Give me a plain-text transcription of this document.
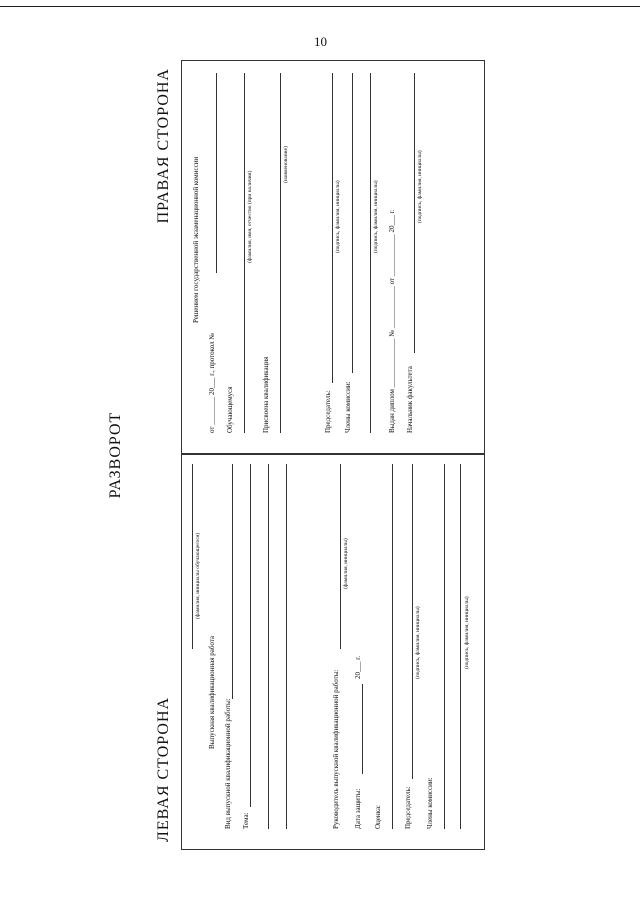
10
РАЗВОРОТ
ЛЕВАЯ СТОРОНА
ПРАВАЯ СТОРОНА
(фамилия, инициалы обучающегося)
Выпускная квалификационная работа
Вид выпускной квалификационной работы: Тема:	Руководитель выпускной квалификационной работы:
(фамилия, инициалы)
Дата защиты:
20___ г.
Оценка:	Председатель:
(подпись, фамилия, инициалы)
Члены комиссии:
(подпись, фамилия, инициалы)
Решением государственной экзаменационной комиссии
от ________ 20___ г., протокол №
Обучающемуся
(фамилия, имя, отчество (при наличии)
Присвоена квалификация
(наименование)
Председатель:
(подпись, фамилия, инициалы)
Члены комиссии:
(подпись, фамилия, инициалы)
Выдан диплом ______________ № ____________ от ____________ 20___ г.
Начальник факультета
(подпись, фамилия, инициалы)
